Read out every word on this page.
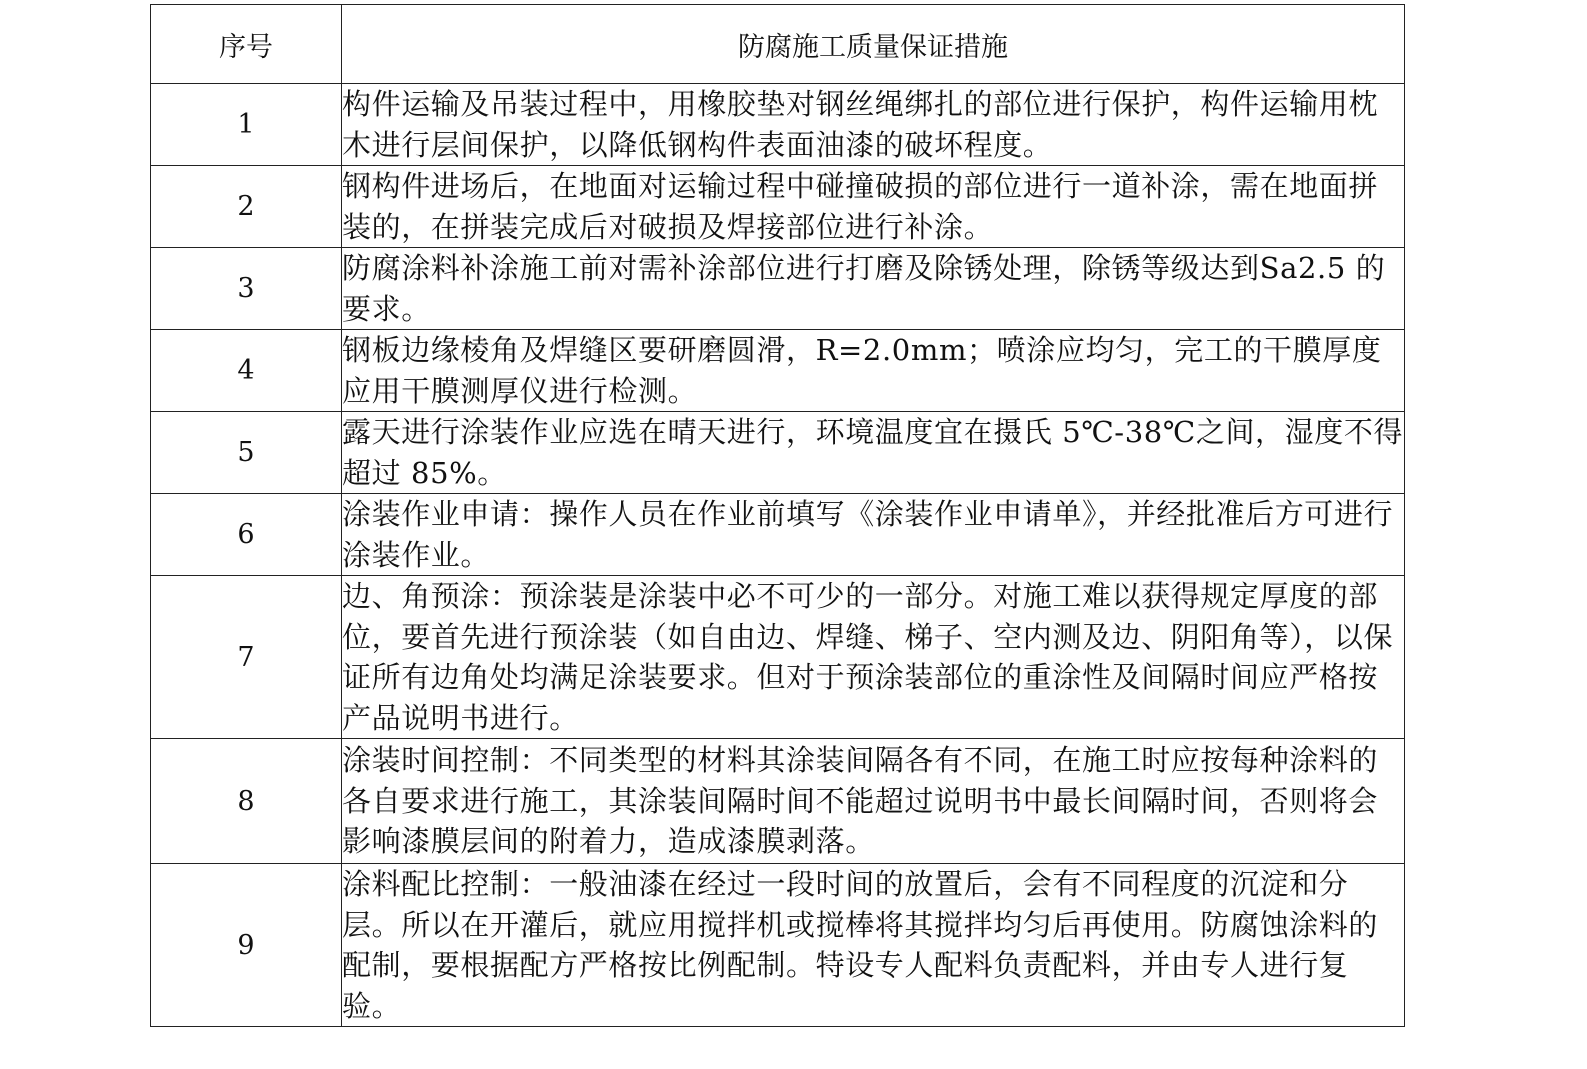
序号	防腐施工质量保证措施
1	构件运输及吊装过程中，用橡胶垫对钢丝绳绑扎的部位进行保护，构件运输用枕木进行层间保护，以降低钢构件表面油漆的破坏程度。
2	钢构件进场后，在地面对运输过程中碰撞破损的部位进行一道补涂，需在地面拼装的，在拼装完成后对破损及焊接部位进行补涂。
3	防腐涂料补涂施工前对需补涂部位进行打磨及除锈处理，除锈等级达到Sa2.5 的要求。
4	钢板边缘棱角及焊缝区要研磨圆滑，R=2.0mm；喷涂应均匀，完工的干膜厚度应用干膜测厚仪进行检测。
5	露天进行涂装作业应选在晴天进行，环境温度宜在摄氏 5℃-38℃之间，湿度不得超过 85%。
6	涂装作业申请：操作人员在作业前填写《涂装作业申请单》，并经批准后方可进行涂装作业。
7	边、角预涂：预涂装是涂装中必不可少的一部分。对施工难以获得规定厚度的部位，要首先进行预涂装（如自由边、焊缝、梯子、空内测及边、阴阳角等），以保证所有边角处均满足涂装要求。但对于预涂装部位的重涂性及间隔时间应严格按产品说明书进行。
8	涂装时间控制：不同类型的材料其涂装间隔各有不同，在施工时应按每种涂料的各自要求进行施工，其涂装间隔时间不能超过说明书中最长间隔时间，否则将会影响漆膜层间的附着力，造成漆膜剥落。
9	涂料配比控制：一般油漆在经过一段时间的放置后，会有不同程度的沉淀和分层。所以在开灌后，就应用搅拌机或搅棒将其搅拌均匀后再使用。防腐蚀涂料的配制，要根据配方严格按比例配制。特设专人配料负责配料，并由专人进行复验。
